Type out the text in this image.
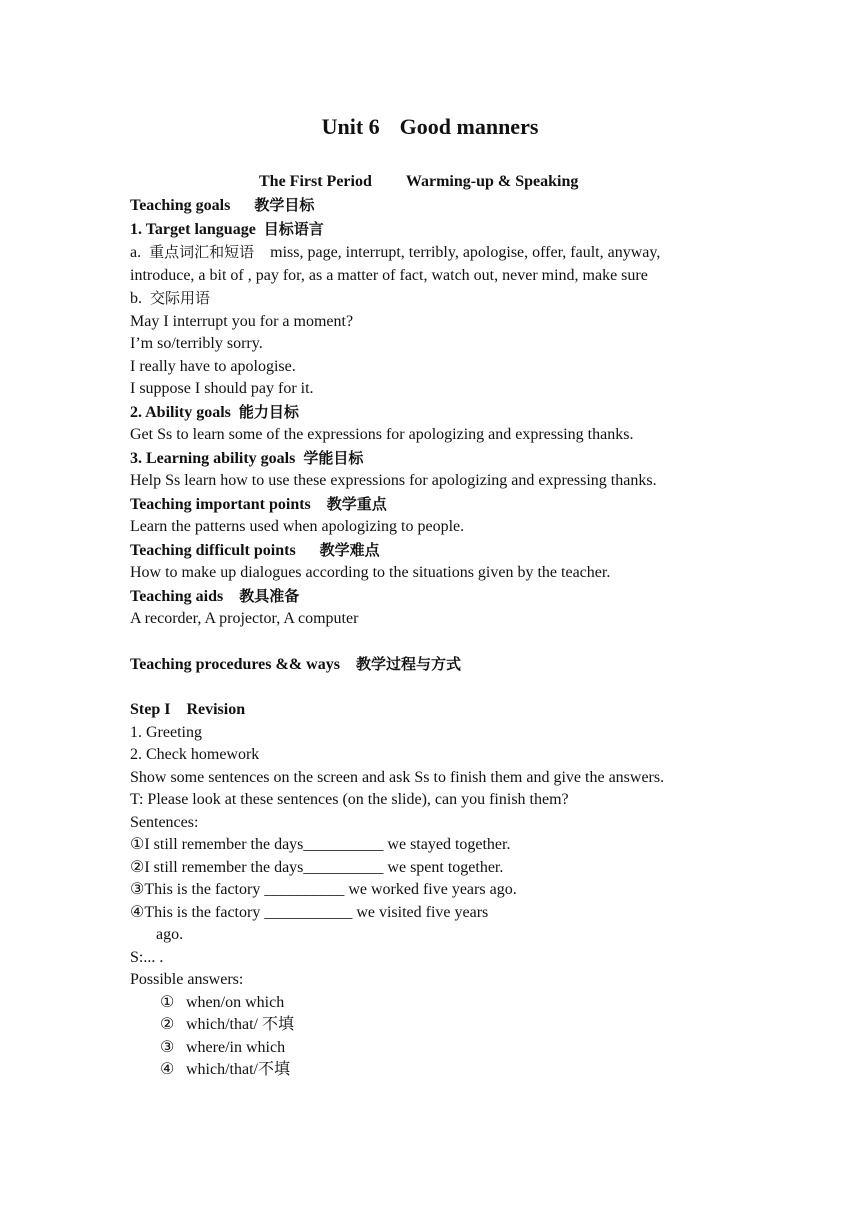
Unit 6 Good manners
The First Period Warming-up & Speaking
Teaching goals 教学目标
1. Target language 目标语言
a. 重点词汇和短语 miss, page, interrupt, terribly, apologise, offer, fault, anyway,
introduce, a bit of , pay for, as a matter of fact, watch out, never mind, make sure
b. 交际用语
May I interrupt you for a moment?
I’m so/terribly sorry.
I really have to apologise.
I suppose I should pay for it.
2. Ability goals 能力目标
Get Ss to learn some of the expressions for apologizing and expressing thanks.
3. Learning ability goals 学能目标
Help Ss learn how to use these expressions for apologizing and expressing thanks.
Teaching important points 教学重点
Learn the patterns used when apologizing to people.
Teaching difficult points 教学难点
How to make up dialogues according to the situations given by the teacher.
Teaching aids 教具准备
A recorder, A projector, A computer
Teaching procedures && ways 教学过程与方式
Step I Revision
1. Greeting
2. Check homework
Show some sentences on the screen and ask Ss to finish them and give the answers.
T: Please look at these sentences (on the slide), can you finish them?
Sentences:
①I still remember the days__________ we stayed together.
②I still remember the days__________ we spent together.
③This is the factory __________ we worked five years ago.
④This is the factory ___________ we visited five years
ago.
S:... .
Possible answers:
① when/on which
② which/that/ 不填
③ where/in which
④ which/that/不填
